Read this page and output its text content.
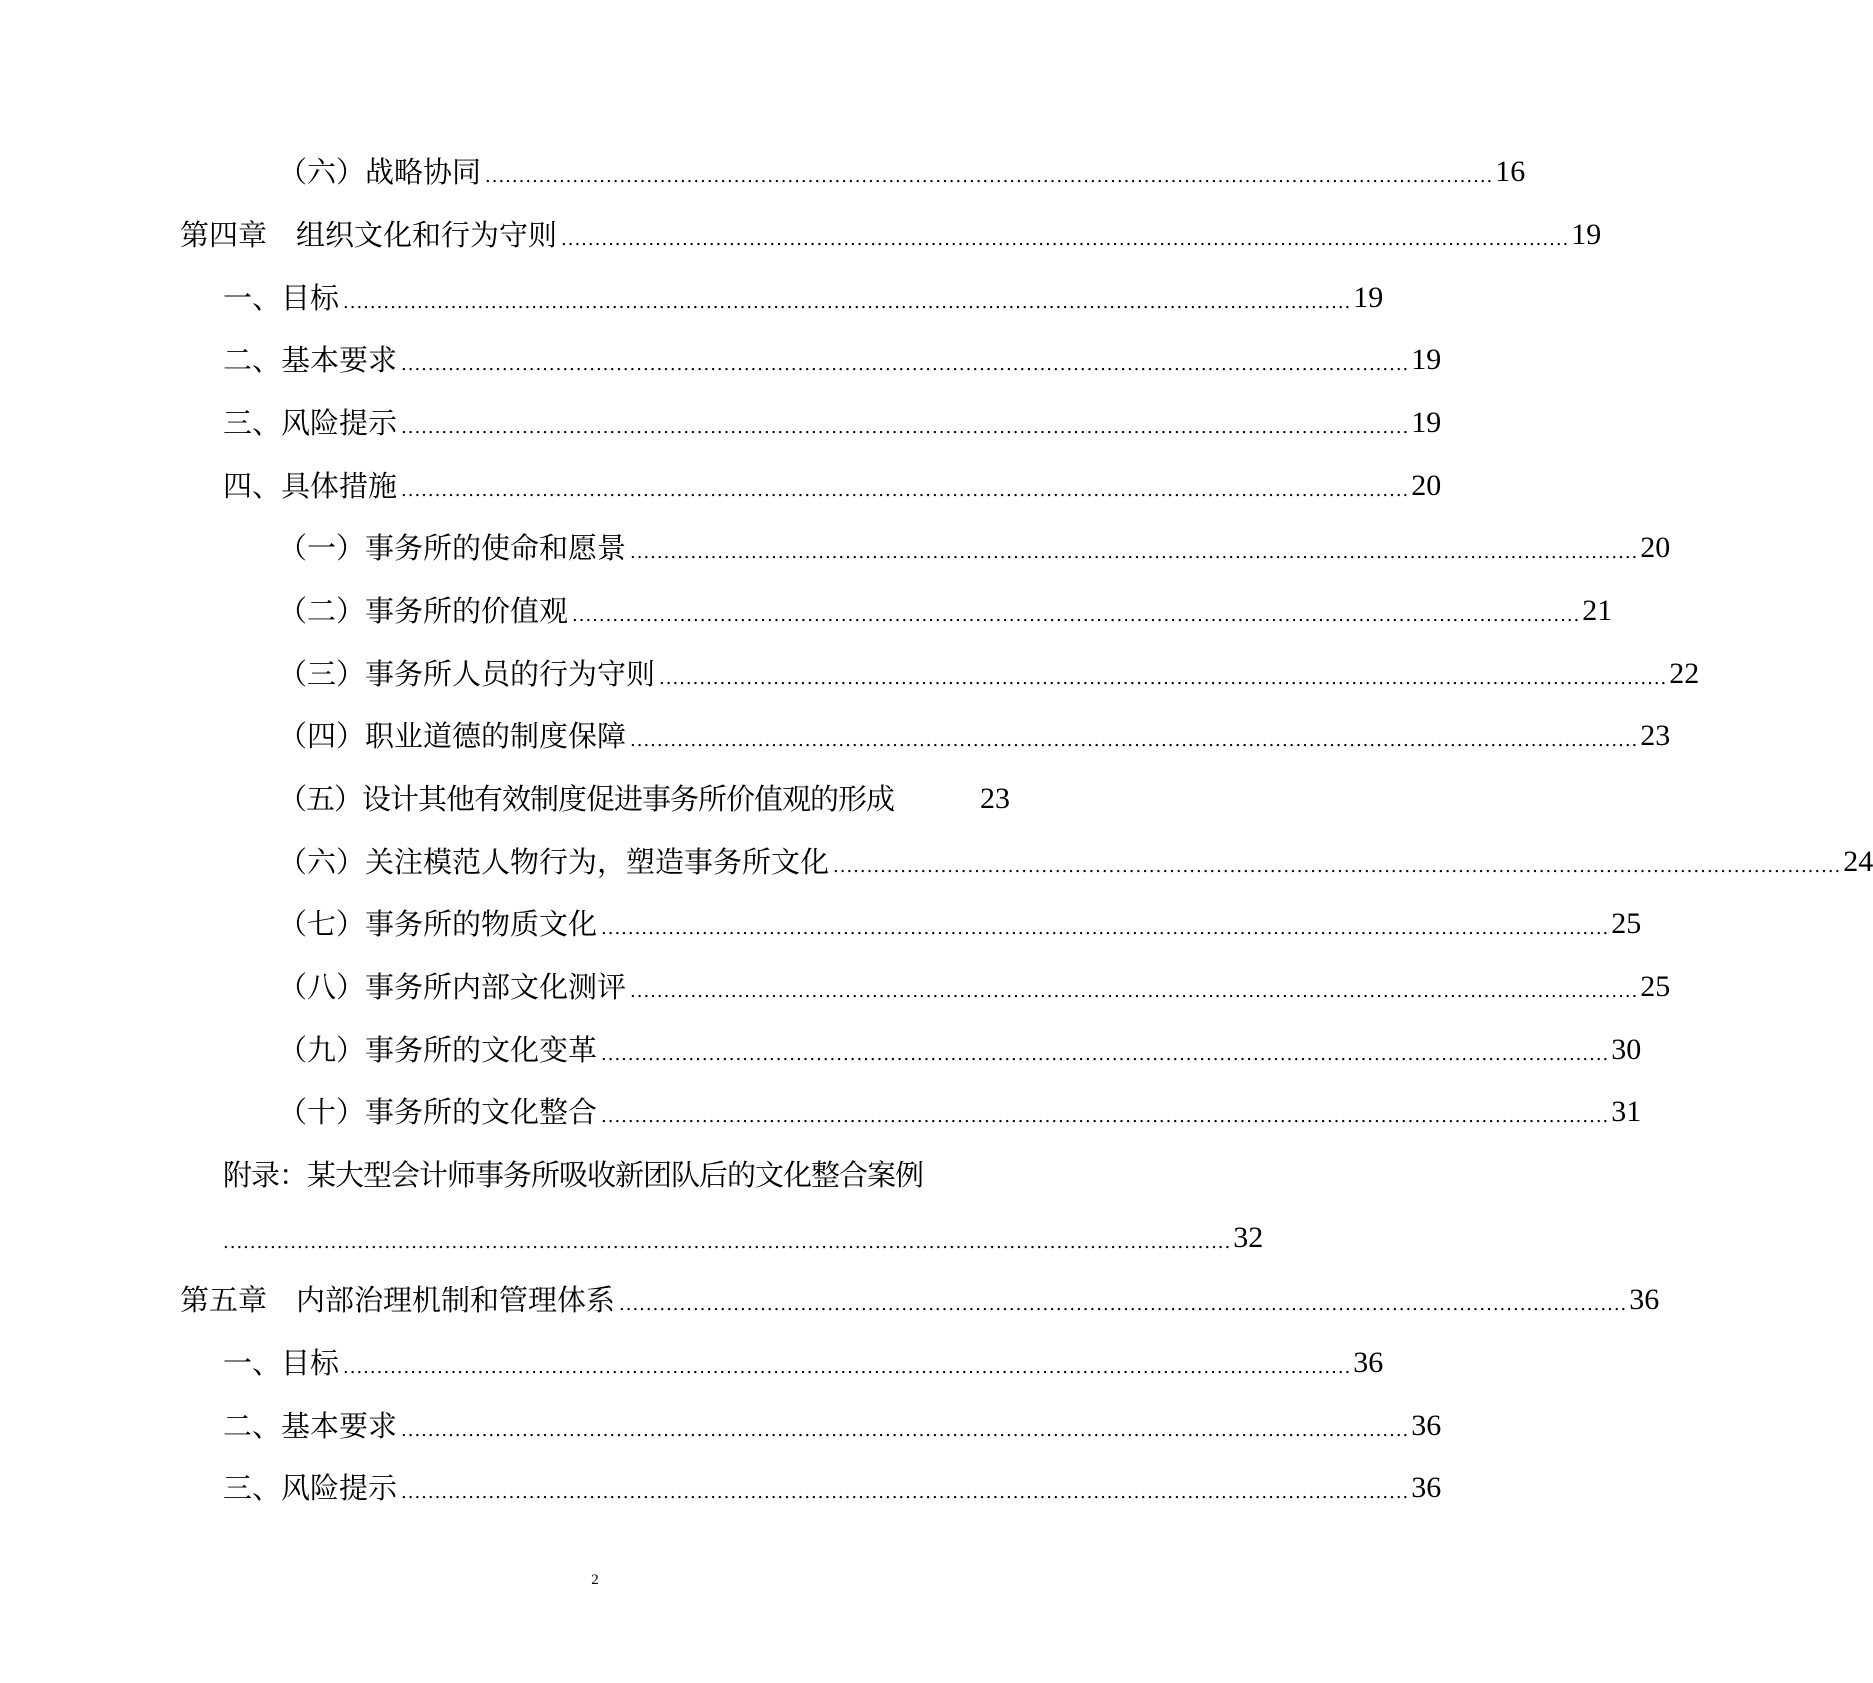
（六）战略协同 ...................................................................................................................................................... 16
第四章　组织文化和行为守则 ...................................................................................................................................................... 19
一、目标 ...................................................................................................................................................... 19
二、基本要求 ...................................................................................................................................................... 19
三、风险提示 ...................................................................................................................................................... 19
四、具体措施 ...................................................................................................................................................... 20
（一）事务所的使命和愿景 ...................................................................................................................................................... 20
（二）事务所的价值观 ...................................................................................................................................................... 21
（三）事务所人员的行为守则 ...................................................................................................................................................... 22
（四）职业道德的制度保障 ...................................................................................................................................................... 23
（五）设计其他有效制度促进事务所价值观的形成	23
（六）关注模范人物行为，塑造事务所文化 ...................................................................................................................................................... 24
（七）事务所的物质文化 ...................................................................................................................................................... 25
（八）事务所内部文化测评 ...................................................................................................................................................... 25
（九）事务所的文化变革 ...................................................................................................................................................... 30
（十）事务所的文化整合 ...................................................................................................................................................... 31
附录：某大型会计师事务所吸收新团队后的文化整合案例
...................................................................................................................................................... 32
第五章　内部治理机制和管理体系 ...................................................................................................................................................... 36
一、目标 ...................................................................................................................................................... 36
二、基本要求 ...................................................................................................................................................... 36
三、风险提示 ...................................................................................................................................................... 36
2
